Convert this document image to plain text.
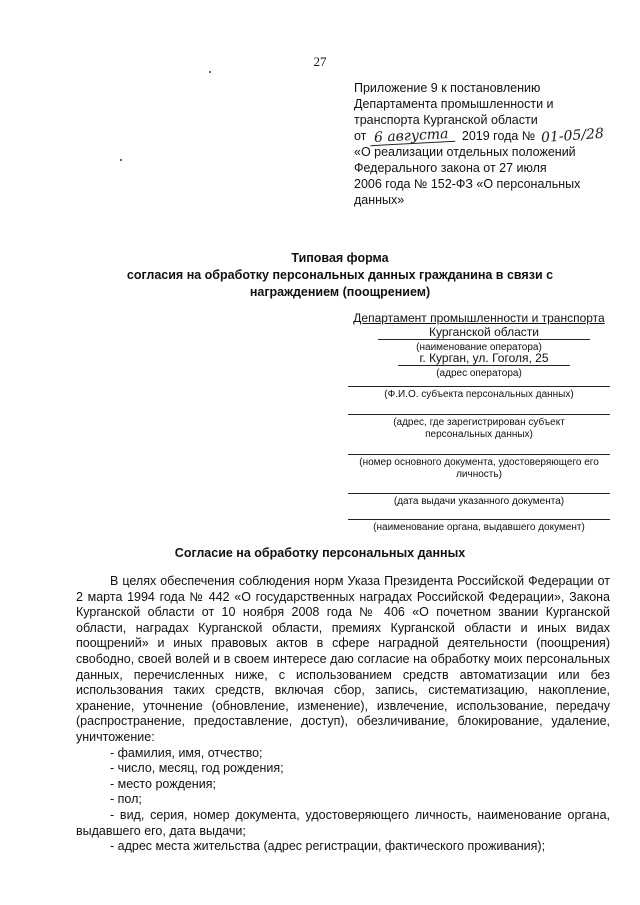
27
Приложение 9 к постановлению
Департамента промышленности и
транспорта Курганской области
от 6 августа 2019 года № 01-05/28
«О реализации отдельных положений
Федерального закона от 27 июля
2006 года № 152-ФЗ «О персональных
данных»
Типовая форма
согласия на обработку персональных данных гражданина в связи с
награждением (поощрением)
Департамент промышленности и транспорта
Курганской области
(наименование оператора)
г. Курган, ул. Гоголя, 25
(адрес оператора)
(Ф.И.О. субъекта персональных данных)
(адрес, где зарегистрирован субъект персональных данных)
(номер основного документа, удостоверяющего его личность)
(дата выдачи указанного документа)
(наименование органа, выдавшего документ)
Согласие на обработку персональных данных

В целях обеспечения соблюдения норм Указа Президента Российской Федерации от 2 марта 1994 года № 442 «О государственных наградах Российской Федерации», Закона Курганской области от 10 ноября 2008 года № 406 «О почетном звании Курганской области, наградах Курганской области, премиях Курганской области и иных видах поощрений» и иных правовых актов в сфере наградной деятельности (поощрения) свободно, своей волей и в своем интересе даю согласие на обработку моих персональных данных, перечисленных ниже, с использованием средств автоматизации или без использования таких средств, включая сбор, запись, систематизацию, накопление, хранение, уточнение (обновление, изменение), извлечение, использование, передачу (распространение, предоставление, доступ), обезличивание, блокирование, удаление, уничтожение:

- фамилия, имя, отчество;
- число, месяц, год рождения;
- место рождения;
- пол;
- вид, серия, номер документа, удостоверяющего личность, наименование органа, выдавшего его, дата выдачи;
- адрес места жительства (адрес регистрации, фактического проживания);
